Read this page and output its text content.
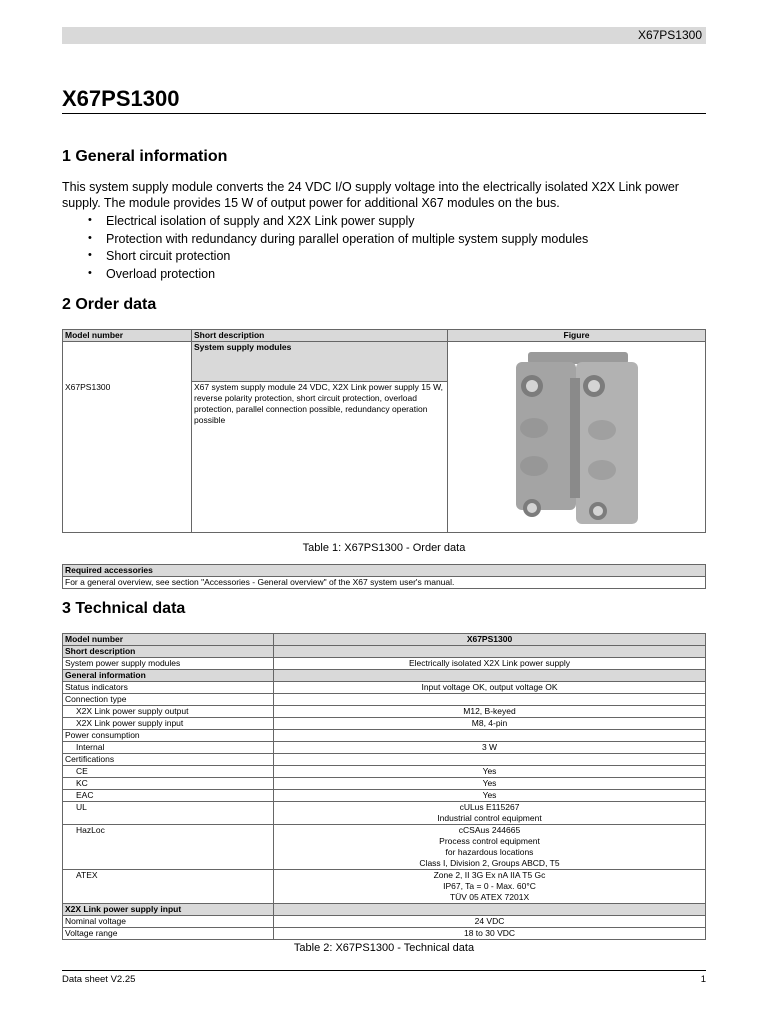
X67PS1300
X67PS1300
1 General information

This system supply module converts the 24 VDC I/O supply voltage into the electrically isolated X2X Link power supply. The module provides 15 W of output power for additional X67 modules on the bus.

• Electrical isolation of supply and X2X Link power supply
• Protection with redundancy during parallel operation of multiple system supply modules
• Short circuit protection
• Overload protection
2 Order data
Model number	Short description	Figure
	System supply modules	

X67PS1300	X67 system supply module 24 VDC, X2X Link power supply 15 W, reverse polarity protection, short circuit protection, overload protection, parallel connection possible, redundancy operation possible	
Table 1: X67PS1300 - Order data
Required accessories
For a general overview, see section "Accessories - General overview" of the X67 system user's manual.
3 Technical data
Model number	X67PS1300
Short description	
System power supply modules	Electrically isolated X2X Link power supply
General information	
Status indicators	Input voltage OK, output voltage OK
Connection type	
X2X Link power supply output	M12, B-keyed
X2X Link power supply input	M8, 4-pin
Power consumption	
Internal	3 W
Certifications	
CE	Yes
KC	Yes
EAC	Yes
UL	cULus E115267
Industrial control equipment

HazLoc	cCSAus 244665
Process control equipment
for hazardous locations
Class I, Division 2, Groups ABCD, T5

ATEX	Zone 2, II 3G Ex nA IIA T5 Gc
IP67, Ta = 0 - Max. 60°C
TÜV 05 ATEX 7201X

X2X Link power supply input	
Nominal voltage	24 VDC
Voltage range	18 to 30 VDC
Table 2: X67PS1300 - Technical data
Data sheet V2.25	1
